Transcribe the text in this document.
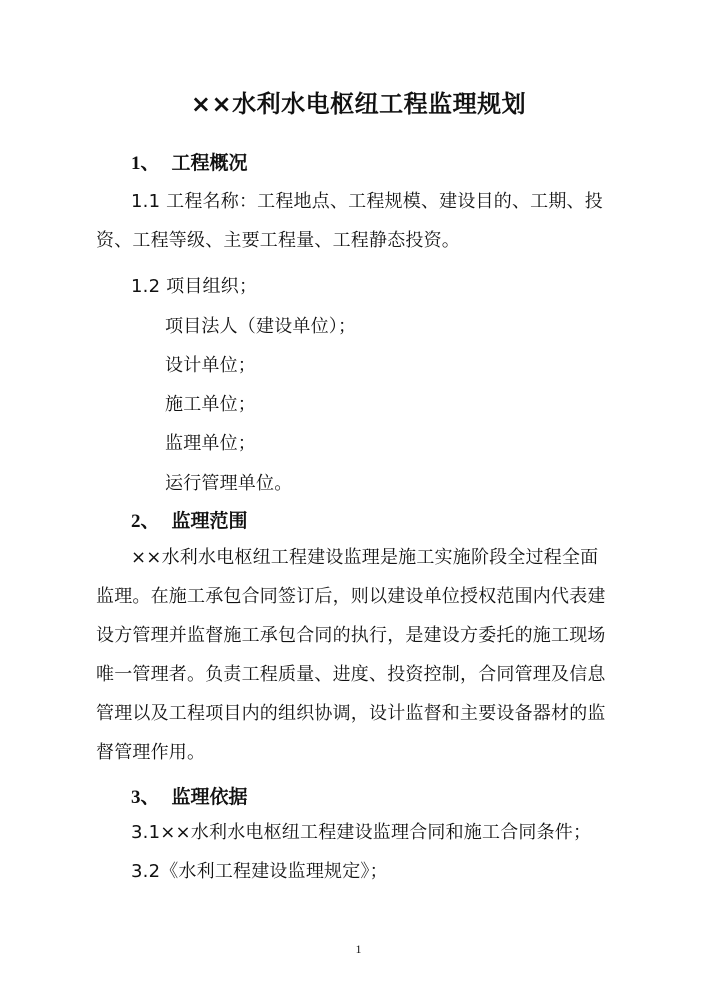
××水利水电枢纽工程监理规划
1、 工程概况
1.1 工程名称：工程地点、工程规模、建设目的、工期、投
资、工程等级、主要工程量、工程静态投资。
1.2 项目组织；
项目法人（建设单位）；
设计单位；
施工单位；
监理单位；
运行管理单位。
2、 监理范围
××水利水电枢纽工程建设监理是施工实施阶段全过程全面
监理。在施工承包合同签订后，则以建设单位授权范围内代表建
设方管理并监督施工承包合同的执行，是建设方委托的施工现场
唯一管理者。负责工程质量、进度、投资控制，合同管理及信息
管理以及工程项目内的组织协调，设计监督和主要设备器材的监
督管理作用。
3、 监理依据
3.1××水利水电枢纽工程建设监理合同和施工合同条件；
3.2《水利工程建设监理规定》；
1
